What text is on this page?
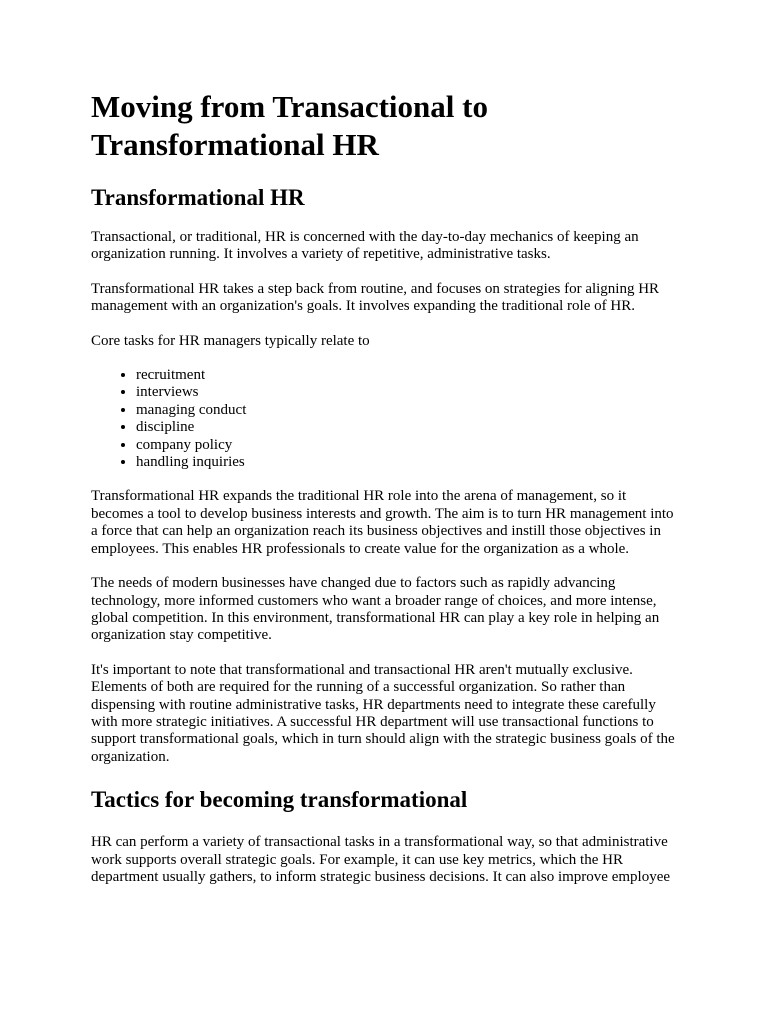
Moving from Transactional to Transformational HR
Transformational HR

Transactional, or traditional, HR is concerned with the day-to-day mechanics of keeping an organization running. It involves a variety of repetitive, administrative tasks.

Transformational HR takes a step back from routine, and focuses on strategies for aligning HR management with an organization's goals. It involves expanding the traditional role of HR.

Core tasks for HR managers typically relate to

• recruitment
• interviews
• managing conduct
• discipline
• company policy
• handling inquiries

Transformational HR expands the traditional HR role into the arena of management, so it becomes a tool to develop business interests and growth. The aim is to turn HR management into a force that can help an organization reach its business objectives and instill those objectives in employees. This enables HR professionals to create value for the organization as a whole.

The needs of modern businesses have changed due to factors such as rapidly advancing technology, more informed customers who want a broader range of choices, and more intense, global competition. In this environment, transformational HR can play a key role in helping an organization stay competitive.

It's important to note that transformational and transactional HR aren't mutually exclusive. Elements of both are required for the running of a successful organization. So rather than dispensing with routine administrative tasks, HR departments need to integrate these carefully with more strategic initiatives. A successful HR department will use transactional functions to support transformational goals, which in turn should align with the strategic business goals of the organization.

Tactics for becoming transformational

HR can perform a variety of transactional tasks in a transformational way, so that administrative work supports overall strategic goals. For example, it can use key metrics, which the HR department usually gathers, to inform strategic business decisions. It can also improve employee
